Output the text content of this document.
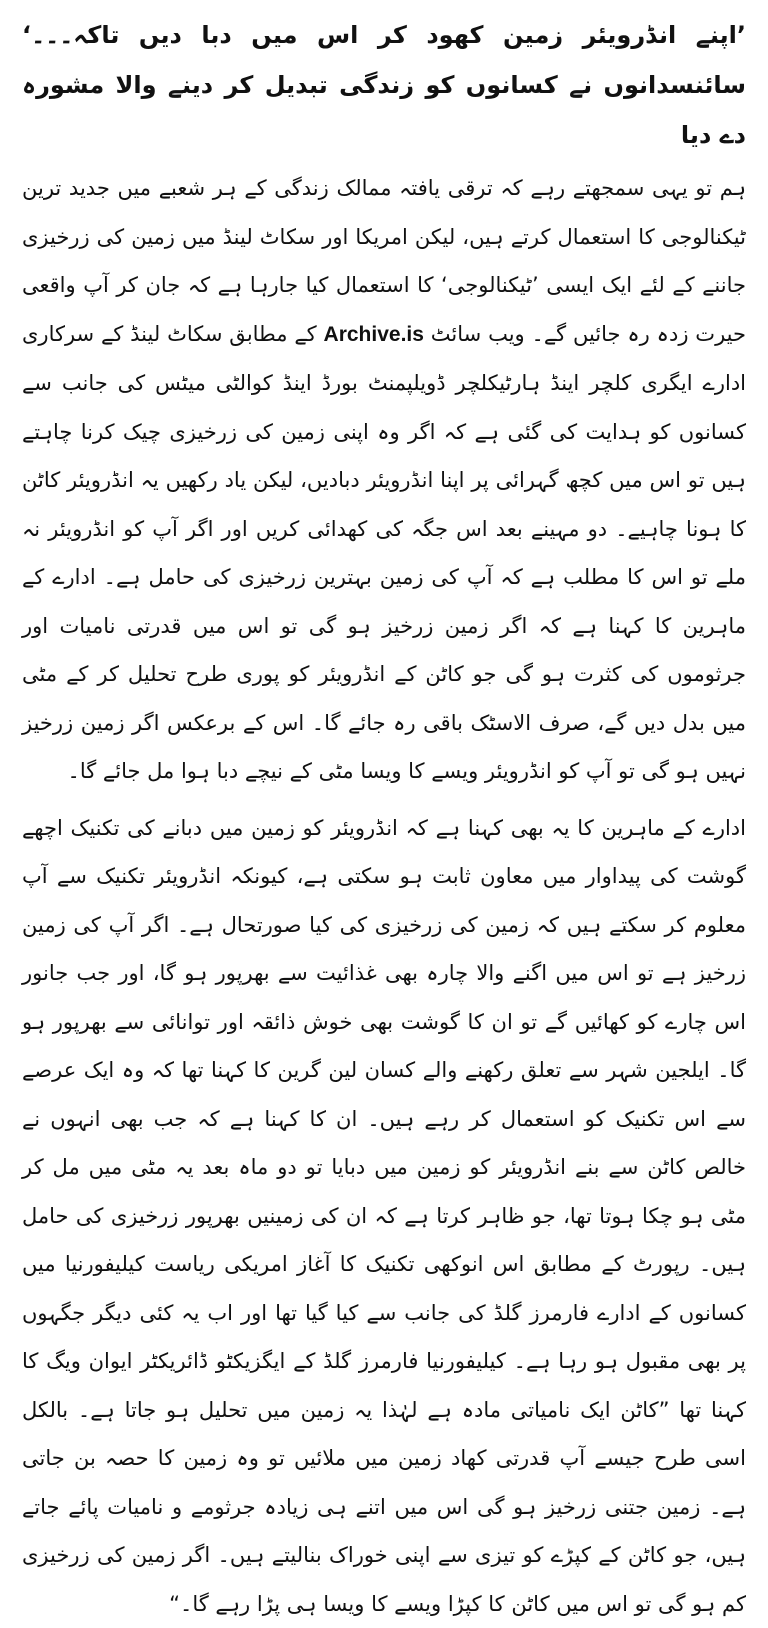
’اپنے انڈرویئر زمین کھود کر اس میں دبا دیں تاکہ۔۔۔‘ سائنسدانوں نے کسانوں کو زندگی تبدیل کر دینے والا مشورہ دے دیا

ہم تو یہی سمجھتے رہے کہ ترقی یافتہ ممالک زندگی کے ہر شعبے میں جدید ترین ٹیکنالوجی کا استعمال کرتے ہیں، لیکن امریکا اور سکاٹ لینڈ میں زمین کی زرخیزی جاننے کے لئے ایک ایسی ’ٹیکنالوجی‘ کا استعمال کیا جارہا ہے کہ جان کر آپ واقعی حیرت زدہ رہ جائیں گے۔ ویب سائٹ Archive.is کے مطابق سکاٹ لینڈ کے سرکاری ادارے ایگری کلچر اینڈ ہارٹیکلچر ڈویلپمنٹ بورڈ اینڈ کوالٹی میٹس کی جانب سے کسانوں کو ہدایت کی گئی ہے کہ اگر وہ اپنی زمین کی زرخیزی چیک کرنا چاہتے ہیں تو اس میں کچھ گہرائی پر اپنا انڈرویئر دبادیں، لیکن یاد رکھیں یہ انڈرویئر کاٹن کا ہونا چاہیے۔ دو مہینے بعد اس جگہ کی کھدائی کریں اور اگر آپ کو انڈرویئر نہ ملے تو اس کا مطلب ہے کہ آپ کی زمین بہترین زرخیزی کی حامل ہے۔ ادارے کے ماہرین کا کہنا ہے کہ اگر زمین زرخیز ہو گی تو اس میں قدرتی نامیات اور جرثوموں کی کثرت ہو گی جو کاٹن کے انڈرویئر کو پوری طرح تحلیل کر کے مٹی میں بدل دیں گے، صرف الاسٹک باقی رہ جائے گا۔ اس کے برعکس اگر زمین زرخیز نہیں ہو گی تو آپ کو انڈرویئر ویسے کا ویسا مٹی کے نیچے دبا ہوا مل جائے گا۔

ادارے کے ماہرین کا یہ بھی کہنا ہے کہ انڈرویئر کو زمین میں دبانے کی تکنیک اچھے گوشت کی پیداوار میں معاون ثابت ہو سکتی ہے، کیونکہ انڈرویئر تکنیک سے آپ معلوم کر سکتے ہیں کہ زمین کی زرخیزی کی کیا صورتحال ہے۔ اگر آپ کی زمین زرخیز ہے تو اس میں اگنے والا چارہ بھی غذائیت سے بھرپور ہو گا، اور جب جانور اس چارے کو کھائیں گے تو ان کا گوشت بھی خوش ذائقہ اور توانائی سے بھرپور ہو گا۔ ایلجین شہر سے تعلق رکھنے والے کسان لین گرین کا کہنا تھا کہ وہ ایک عرصے سے اس تکنیک کو استعمال کر رہے ہیں۔ ان کا کہنا ہے کہ جب بھی انہوں نے خالص کاٹن سے بنے انڈرویئر کو زمین میں دبایا تو دو ماہ بعد یہ مٹی میں مل کر مٹی ہو چکا ہوتا تھا، جو ظاہر کرتا ہے کہ ان کی زمینیں بھرپور زرخیزی کی حامل ہیں۔ رپورٹ کے مطابق اس انوکھی تکنیک کا آغاز امریکی ریاست کیلیفورنیا میں کسانوں کے ادارے فارمرز گلڈ کی جانب سے کیا گیا تھا اور اب یہ کئی دیگر جگہوں پر بھی مقبول ہو رہا ہے۔ کیلیفورنیا فارمرز گلڈ کے ایگزیکٹو ڈائریکٹر ایوان ویگ کا کہنا تھا ”کاٹن ایک نامیاتی مادہ ہے لہٰذا یہ زمین میں تحلیل ہو جاتا ہے۔ بالکل اسی طرح جیسے آپ قدرتی کھاد زمین میں ملائیں تو وہ زمین کا حصہ بن جاتی ہے۔ زمین جتنی زرخیز ہو گی اس میں اتنے ہی زیادہ جرثومے و نامیات پائے جاتے ہیں، جو کاٹن کے کپڑے کو تیزی سے اپنی خوراک بنالیتے ہیں۔ اگر زمین کی زرخیزی کم ہو گی تو اس میں کاٹن کا کپڑا ویسے کا ویسا ہی پڑا رہے گا۔“
